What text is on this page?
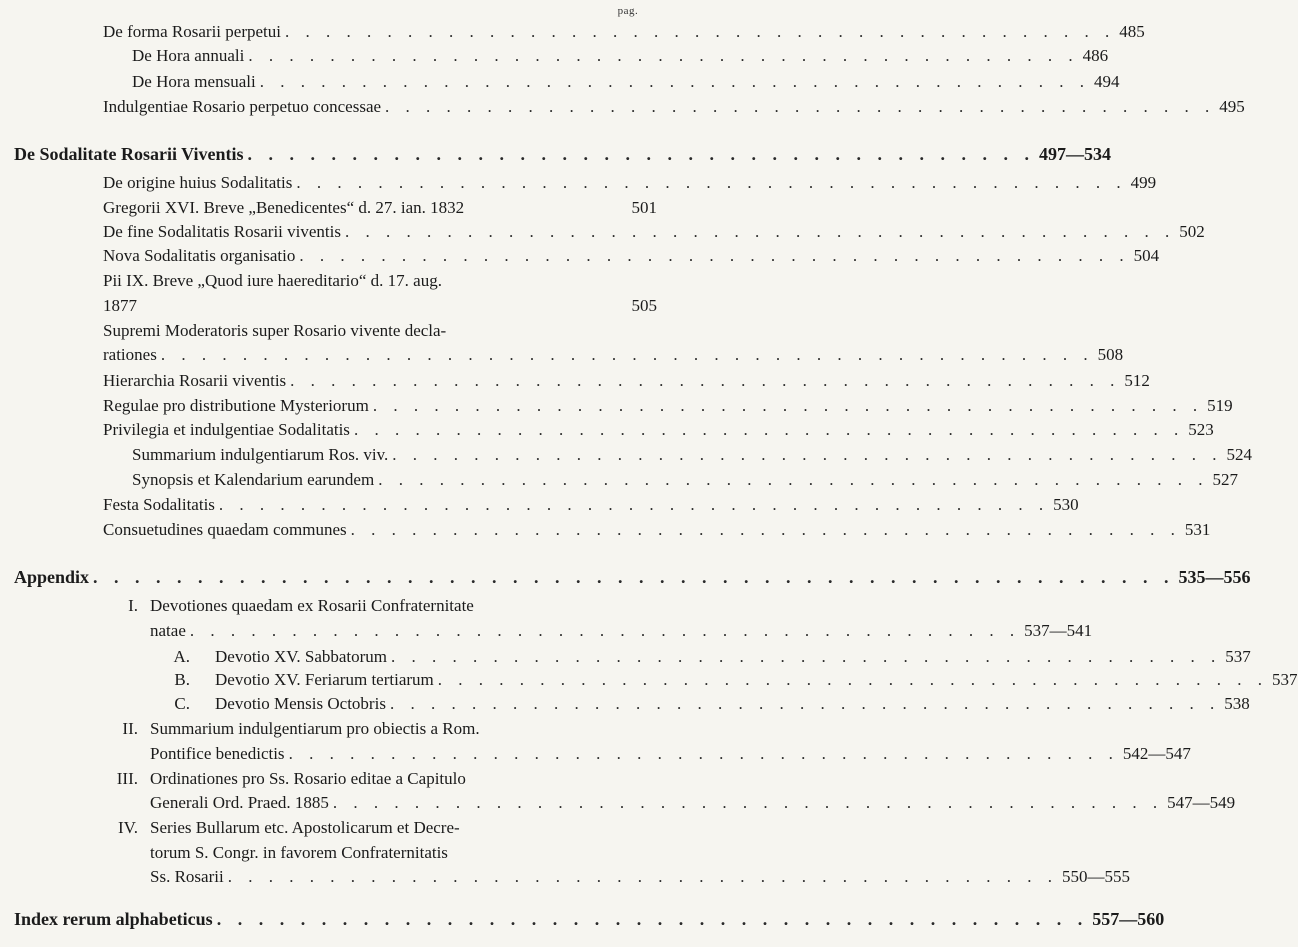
pag.
De forma Rosarii perpetui . . . . . . . . . . . . . . . . . . . . . . . . . . . . . . . . . . . . . . . . . 485
De Hora annuali . . . . . . . . . . . . . . . . . . . . . . . . . . . . . . . . . . . . . . . . . 486
De Hora mensuali . . . . . . . . . . . . . . . . . . . . . . . . . . . . . . . . . . . . . . . . . 494
Indulgentiae Rosario perpetuo concessae . . . . . . . . . . . . . . . . . . . . . . . . . . . . . . . . . . . . . . . . . 495
De Sodalitate Rosarii Viventis . . . . . . . . . . . . . . . . . . . . . . . . . . . . . . . . . . . . . . 497—534
De origine huius Sodalitatis . . . . . . . . . . . . . . . . . . . . . . . . . . . . . . . . . . . . . . . . . 499
Gregorii XVI. Breve „Benedicentes“ d. 27. ian. 1832	501
De fine Sodalitatis Rosarii viventis . . . . . . . . . . . . . . . . . . . . . . . . . . . . . . . . . . . . . . . . . 502
Nova Sodalitatis organisatio . . . . . . . . . . . . . . . . . . . . . . . . . . . . . . . . . . . . . . . . . 504
Pii IX. Breve „Quod iure haereditario“ d. 17. aug.
1877	505
Supremi Moderatoris super Rosario vivente decla-
rationes . . . . . . . . . . . . . . . . . . . . . . . . . . . . . . . . . . . . . . . . . . . . . . 508
Hierarchia Rosarii viventis . . . . . . . . . . . . . . . . . . . . . . . . . . . . . . . . . . . . . . . . . 512
Regulae pro distributione Mysteriorum . . . . . . . . . . . . . . . . . . . . . . . . . . . . . . . . . . . . . . . . . 519
Privilegia et indulgentiae Sodalitatis . . . . . . . . . . . . . . . . . . . . . . . . . . . . . . . . . . . . . . . . . 523
Summarium indulgentiarum Ros. viv. . . . . . . . . . . . . . . . . . . . . . . . . . . . . . . . . . . . . . . . . . 524
Synopsis et Kalendarium earundem . . . . . . . . . . . . . . . . . . . . . . . . . . . . . . . . . . . . . . . . . 527
Festa Sodalitatis . . . . . . . . . . . . . . . . . . . . . . . . . . . . . . . . . . . . . . . . . 530
Consuetudines quaedam communes . . . . . . . . . . . . . . . . . . . . . . . . . . . . . . . . . . . . . . . . . 531
Appendix . . . . . . . . . . . . . . . . . . . . . . . . . . . . . . . . . . . . . . . . . . . . . . . . . . . . 535—556
I. Devotiones quaedam ex Rosarii Confraternitate
natae . . . . . . . . . . . . . . . . . . . . . . . . . . . . . . . . . . . . . . . . . 537—541
A. Devotio XV. Sabbatorum . . . . . . . . . . . . . . . . . . . . . . . . . . . . . . . . . . . . . . . . . 537
B. Devotio XV. Feriarum tertiarum . . . . . . . . . . . . . . . . . . . . . . . . . . . . . . . . . . . . . . . . . 537
C. Devotio Mensis Octobris . . . . . . . . . . . . . . . . . . . . . . . . . . . . . . . . . . . . . . . . . 538
II. Summarium indulgentiarum pro obiectis a Rom.
Pontifice benedictis . . . . . . . . . . . . . . . . . . . . . . . . . . . . . . . . . . . . . . . . . 542—547
III. Ordinationes pro Ss. Rosario editae a Capitulo
Generali Ord. Praed. 1885 . . . . . . . . . . . . . . . . . . . . . . . . . . . . . . . . . . . . . . . . . 547—549
IV. Series Bullarum etc. Apostolicarum et Decre-
torum S. Congr. in favorem Confraternitatis
Ss. Rosarii . . . . . . . . . . . . . . . . . . . . . . . . . . . . . . . . . . . . . . . . . 550—555
Index rerum alphabeticus . . . . . . . . . . . . . . . . . . . . . . . . . . . . . . . . . . . . . . . . . . 557—560
